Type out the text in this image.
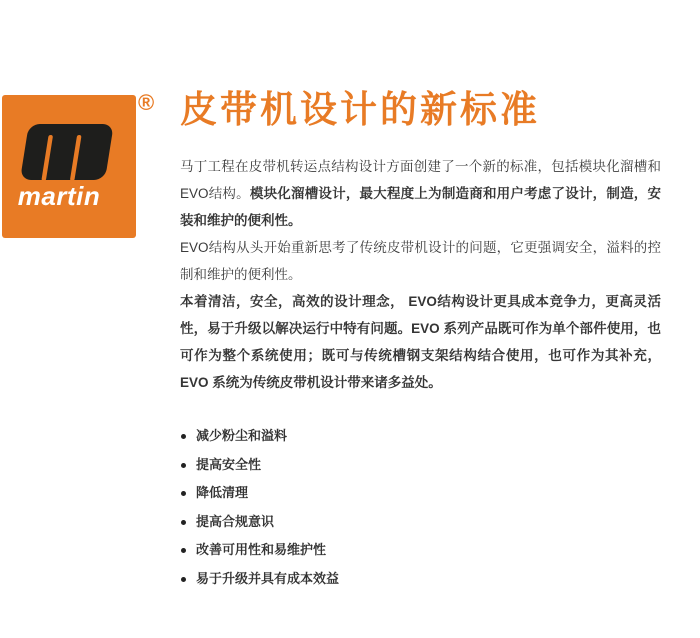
martin
® 皮带机设计的新标准

马丁工程在皮带机转运点结构设计方面创建了一个新的标准，包括模块化溜槽和EVO结构。模块化溜槽设计，最大程度上为制造商和用户考虑了设计，制造，安装和维护的便利性。

EVO结构从头开始重新思考了传统皮带机设计的问题，它更强调安全，溢料的控制和维护的便利性。

本着清洁，安全，高效的设计理念， EVO结构设计更具成本竞争力，更高灵活性，易于升级以解决运行中特有问题。EVO 系列产品既可作为单个部件使用，也可作为整个系统使用；既可与传统槽钢支架结构结合使用，也可作为其补充，EVO 系统为传统皮带机设计带来诸多益处。

减少粉尘和溢料
提高安全性
降低清理
提高合规意识
改善可用性和易维护性
易于升级并具有成本效益
